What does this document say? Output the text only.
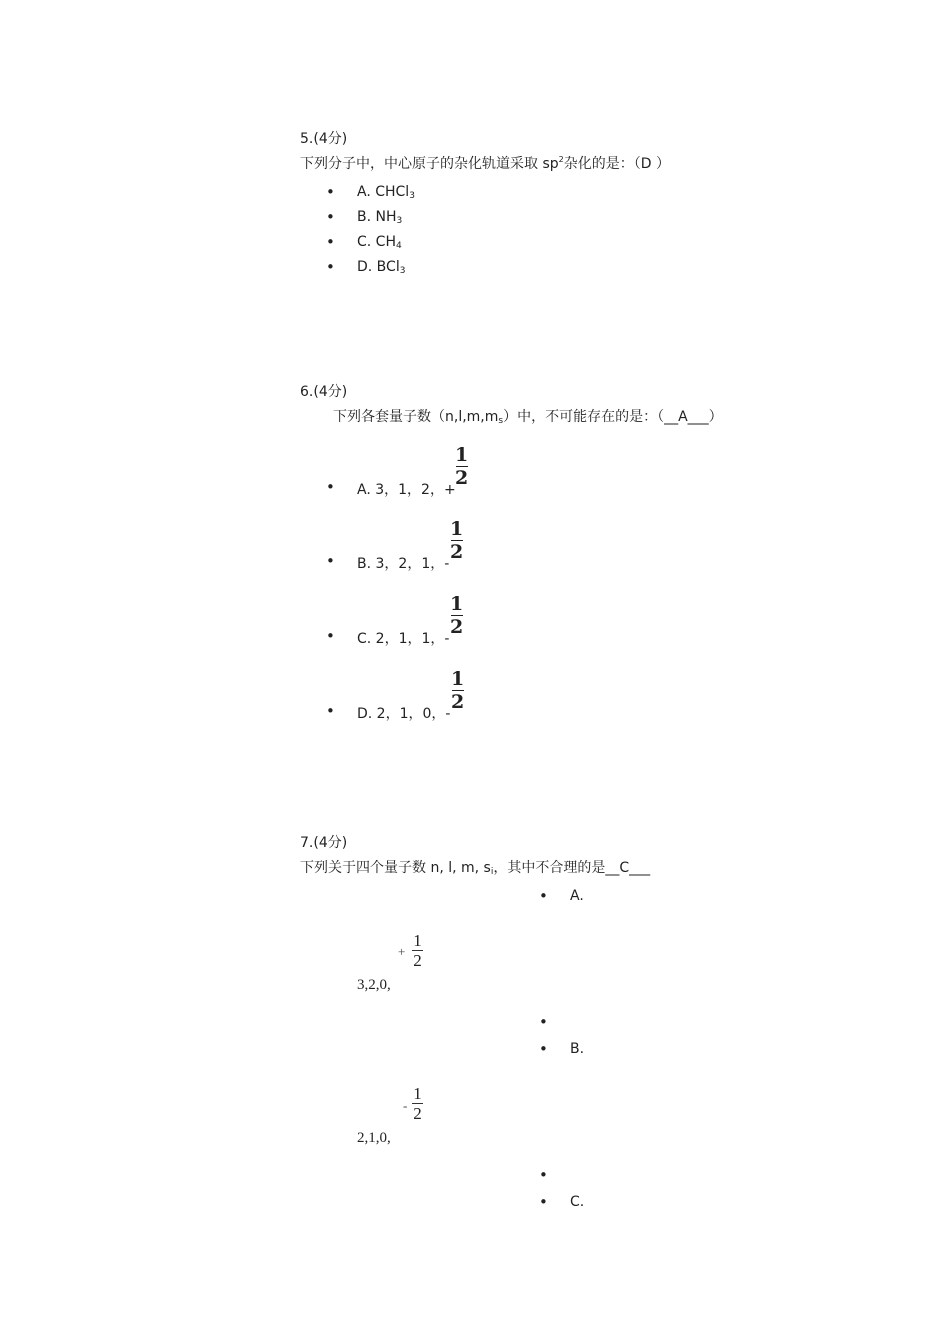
5.(4分)
下列分子中，中心原子的杂化轨道采取 $sp^2$杂化的是：（D ）
• A. CHCl$_3$
• B. $NH_3$
• C. $CH_4$
• D. BCl$_3$
6.(4分)
下列各套量子数$(n,l,m,m_s)$中，不可能存在的是：（__A___）
• A. 3，1，2，+
1
2
• B. 3，2，1，-
1
2
• C. 2，1，1，-
1
2
• D. 2，1，0，-
1
2
7.(4分)
下列关于四个量子数 n, l, m, $s_i$，其中不合理的是__C___
• A.
+
1
2
3,2,0,
•
• B.
-
1
2
2,1,0,
•
• C.
